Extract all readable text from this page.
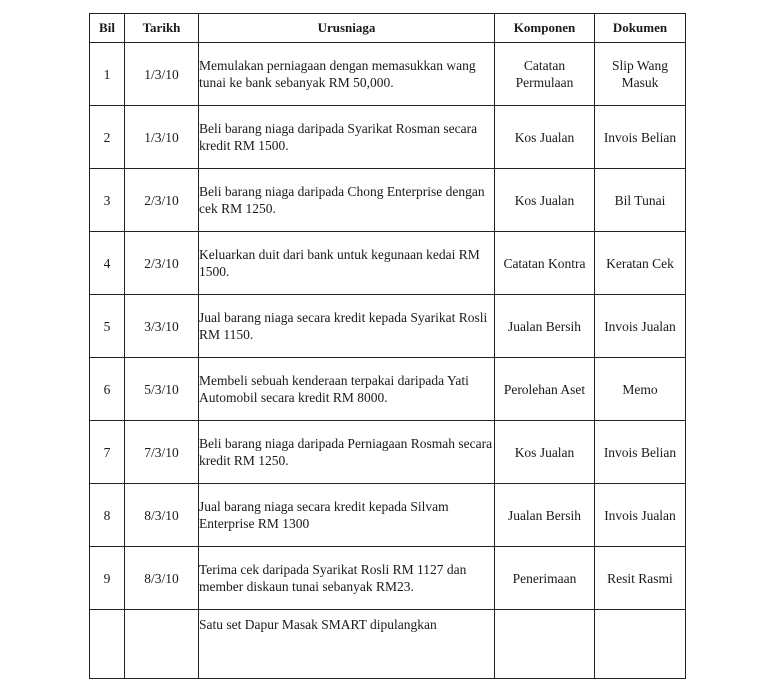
Bil	Tarikh	Urusniaga	Komponen	Dokumen
1	1/3/10	Memulakan perniagaan dengan memasukkan wang tunai ke bank sebanyak RM 50,000.	Catatan Permulaan	Slip Wang Masuk
2	1/3/10	Beli barang niaga daripada Syarikat Rosman secara kredit RM 1500.	Kos Jualan	Invois Belian
3	2/3/10	Beli barang niaga daripada Chong Enterprise dengan cek RM 1250.	Kos Jualan	Bil Tunai
4	2/3/10	Keluarkan duit dari bank untuk kegunaan kedai RM 1500.	Catatan Kontra	Keratan Cek
5	3/3/10	Jual barang niaga secara kredit kepada Syarikat Rosli RM 1150.	Jualan Bersih	Invois Jualan
6	5/3/10	Membeli sebuah kenderaan terpakai daripada Yati Automobil secara kredit RM 8000.	Perolehan Aset	Memo
7	7/3/10	Beli barang niaga daripada Perniagaan Rosmah secara kredit RM 1250.	Kos Jualan	Invois Belian
8	8/3/10	Jual barang niaga secara kredit kepada Silvam Enterprise RM 1300	Jualan Bersih	Invois Jualan
9	8/3/10	Terima cek daripada Syarikat Rosli RM 1127 dan member diskaun tunai sebanyak RM23.	Penerimaan	Resit Rasmi
		Satu set Dapur Masak SMART dipulangkan		
